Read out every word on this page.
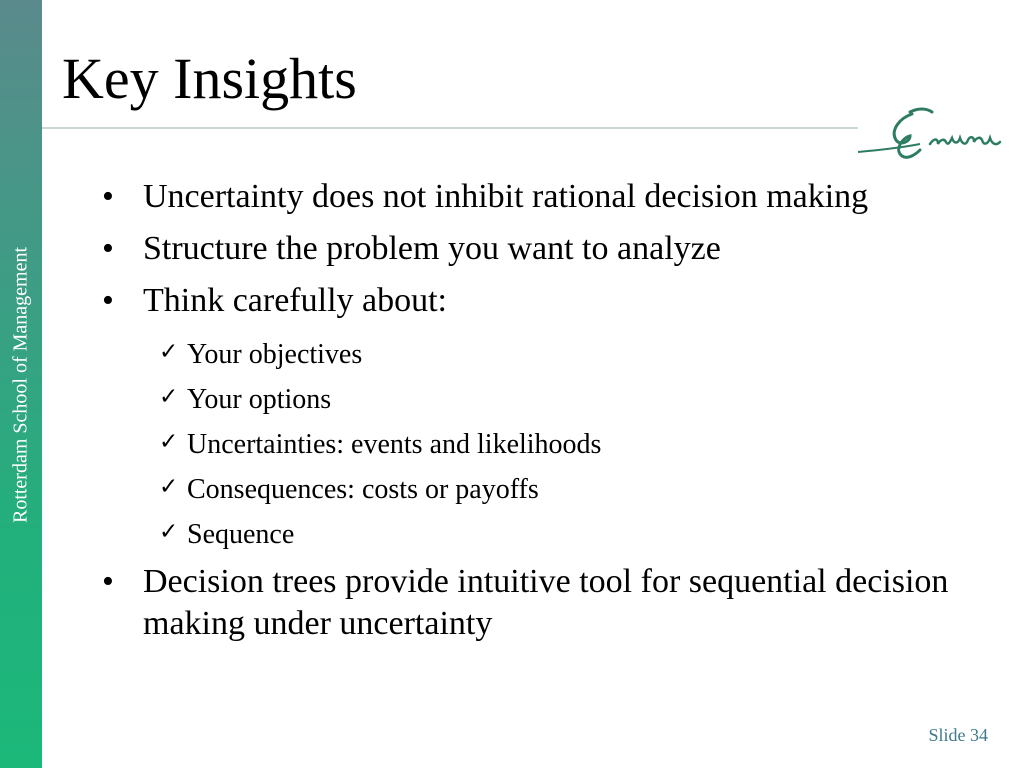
Rotterdam School of Management
Key Insights
• Uncertainty does not inhibit rational decision making
• Structure the problem you want to analyze
• Think carefully about:
✓ Your objectives
✓ Your options
✓ Uncertainties: events and likelihoods
✓ Consequences: costs or payoffs
✓ Sequence
• Decision trees provide intuitive tool for sequential decision making under uncertainty
Slide 34
